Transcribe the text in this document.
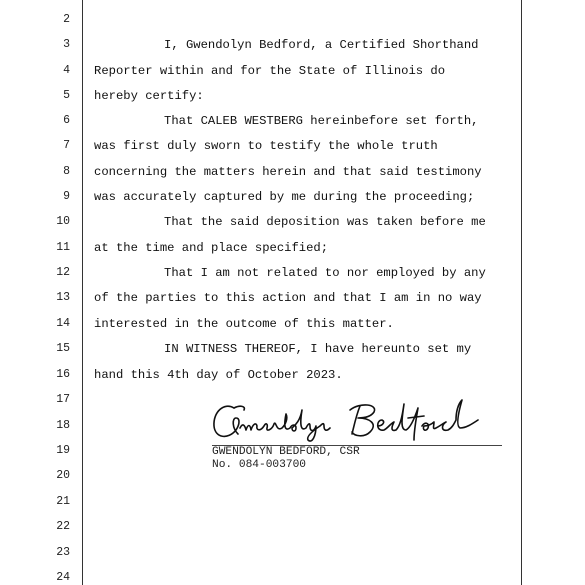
2
3
4
5
6
7
8
9
10
11
12
13
14
15
16
17
18
19
20
21
22
23
24
I, Gwendolyn Bedford, a Certified Shorthand
Reporter within and for the State of Illinois do
hereby certify:
That CALEB WESTBERG hereinbefore set forth,
was first duly sworn to testify the whole truth
concerning the matters herein and that said testimony
was accurately captured by me during the proceeding;
That the said deposition was taken before me
at the time and place specified;
That I am not related to nor employed by any
of the parties to this action and that I am in no way
interested in the outcome of this matter.
IN WITNESS THEREOF, I have hereunto set my
hand this 4th day of October 2023.
GWENDOLYN BEDFORD, CSR
No. 084-003700
